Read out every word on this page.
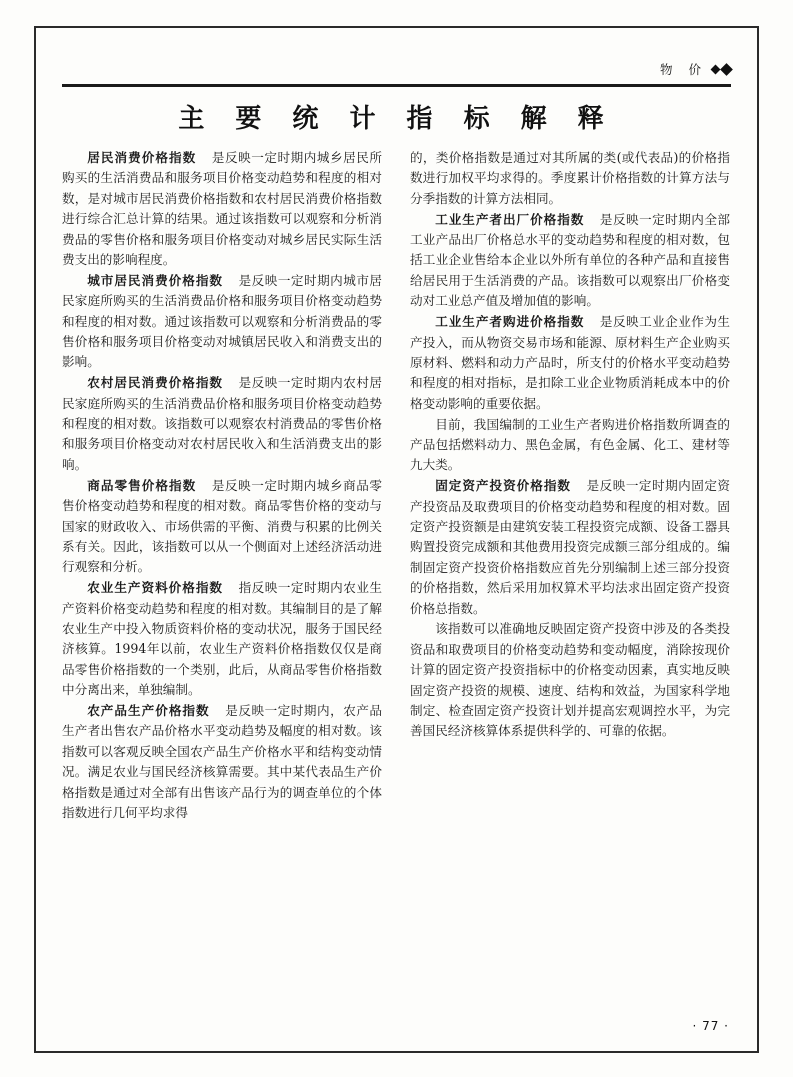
物 价
主 要 统 计 指 标 解 释

居民消费价格指数 是反映一定时期内城乡居民所购买的生活消费品和服务项目价格变动趋势和程度的相对数，是对城市居民消费价格指数和农村居民消费价格指数进行综合汇总计算的结果。通过该指数可以观察和分析消费品的零售价格和服务项目价格变动对城乡居民实际生活费支出的影响程度。

城市居民消费价格指数 是反映一定时期内城市居民家庭所购买的生活消费品价格和服务项目价格变动趋势和程度的相对数。通过该指数可以观察和分析消费品的零售价格和服务项目价格变动对城镇居民收入和消费支出的影响。

农村居民消费价格指数 是反映一定时期内农村居民家庭所购买的生活消费品价格和服务项目价格变动趋势和程度的相对数。该指数可以观察农村消费品的零售价格和服务项目价格变动对农村居民收入和生活消费支出的影响。

商品零售价格指数 是反映一定时期内城乡商品零售价格变动趋势和程度的相对数。商品零售价格的变动与国家的财政收入、市场供需的平衡、消费与积累的比例关系有关。因此，该指数可以从一个侧面对上述经济活动进行观察和分析。

农业生产资料价格指数 指反映一定时期内农业生产资料价格变动趋势和程度的相对数。其编制目的是了解农业生产中投入物质资料价格的变动状况，服务于国民经济核算。1994年以前，农业生产资料价格指数仅仅是商品零售价格指数的一个类别，此后，从商品零售价格指数中分离出来，单独编制。

农产品生产价格指数 是反映一定时期内，农产品生产者出售农产品价格水平变动趋势及幅度的相对数。该指数可以客观反映全国农产品生产价格水平和结构变动情况。满足农业与国民经济核算需要。其中某代表品生产价格指数是通过对全部有出售该产品行为的调查单位的个体指数进行几何平均求得

的，类价格指数是通过对其所属的类(或代表品)的价格指数进行加权平均求得的。季度累计价格指数的计算方法与分季指数的计算方法相同。

工业生产者出厂价格指数 是反映一定时期内全部工业产品出厂价格总水平的变动趋势和程度的相对数，包括工业企业售给本企业以外所有单位的各种产品和直接售给居民用于生活消费的产品。该指数可以观察出厂价格变动对工业总产值及增加值的影响。

工业生产者购进价格指数 是反映工业企业作为生产投入，而从物资交易市场和能源、原材料生产企业购买原材料、燃料和动力产品时，所支付的价格水平变动趋势和程度的相对指标，是扣除工业企业物质消耗成本中的价格变动影响的重要依据。

目前，我国编制的工业生产者购进价格指数所调查的产品包括燃料动力、黑色金属，有色金属、化工、建材等九大类。

固定资产投资价格指数 是反映一定时期内固定资产投资品及取费项目的价格变动趋势和程度的相对数。固定资产投资额是由建筑安装工程投资完成额、设备工器具购置投资完成额和其他费用投资完成额三部分组成的。编制固定资产投资价格指数应首先分别编制上述三部分投资的价格指数，然后采用加权算术平均法求出固定资产投资价格总指数。

该指数可以准确地反映固定资产投资中涉及的各类投资品和取费项目的价格变动趋势和变动幅度，消除按现价计算的固定资产投资指标中的价格变动因素，真实地反映固定资产投资的规模、速度、结构和效益，为国家科学地制定、检查固定资产投资计划并提高宏观调控水平，为完善国民经济核算体系提供科学的、可靠的依据。

· 77 ·
